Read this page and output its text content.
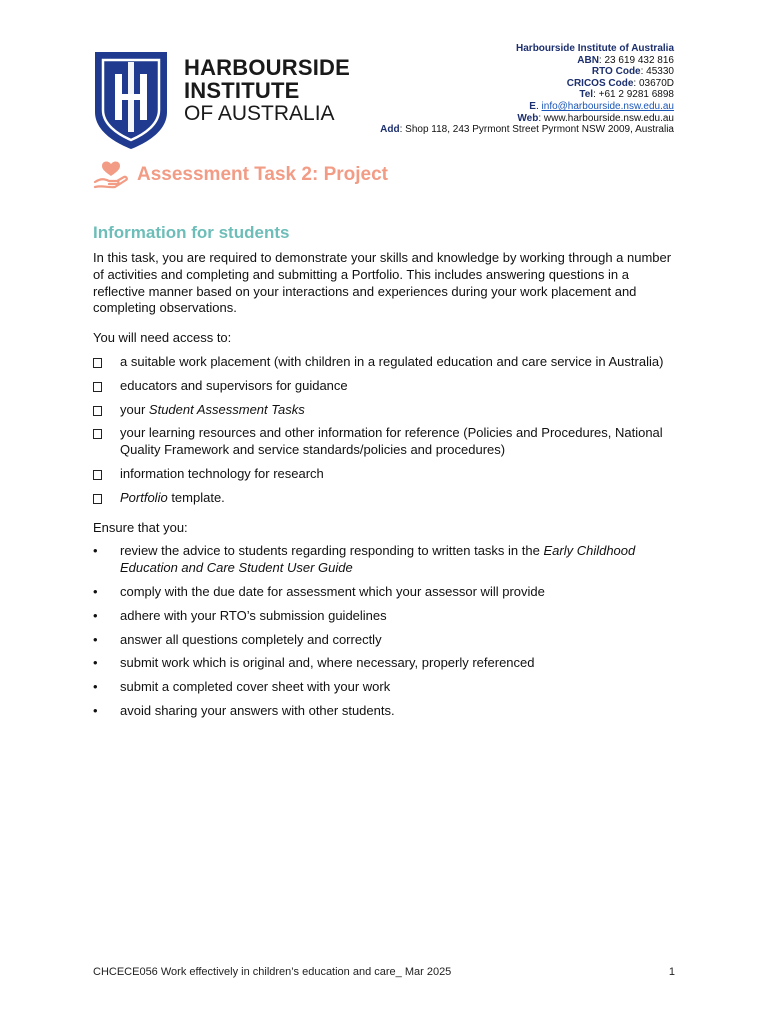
HARBOURSIDE
INSTITUTE
OF AUSTRALIA
Harbourside Institute of Australia
ABN: 23 619 432 816
RTO Code: 45330
CRICOS Code: 03670D
Tel: +61 2 9281 6898
E. info@harbourside.nsw.edu.au
Web: www.harbourside.nsw.edu.au
Add: Shop 118, 243 Pyrmont Street Pyrmont NSW 2009, Australia
Assessment Task 2: Project
Information for students

In this task, you are required to demonstrate your skills and knowledge by working through a number of activities and completing and submitting a Portfolio. This includes answering questions in a reflective manner based on your interactions and experiences during your work placement and completing observations.

You will need access to:

a suitable work placement (with children in a regulated education and care service in Australia)
educators and supervisors for guidance
your Student Assessment Tasks
your learning resources and other information for reference (Policies and Procedures, National Quality Framework and service standards/policies and procedures)
information technology for research
Portfolio template.

Ensure that you:

• review the advice to students regarding responding to written tasks in the Early Childhood Education and Care Student User Guide
• comply with the due date for assessment which your assessor will provide
• adhere with your RTO’s submission guidelines
• answer all questions completely and correctly
• submit work which is original and, where necessary, properly referenced
• submit a completed cover sheet with your work
• avoid sharing your answers with other students.
CHCECE056 Work effectively in children’s education and care_ Mar 2025	1
